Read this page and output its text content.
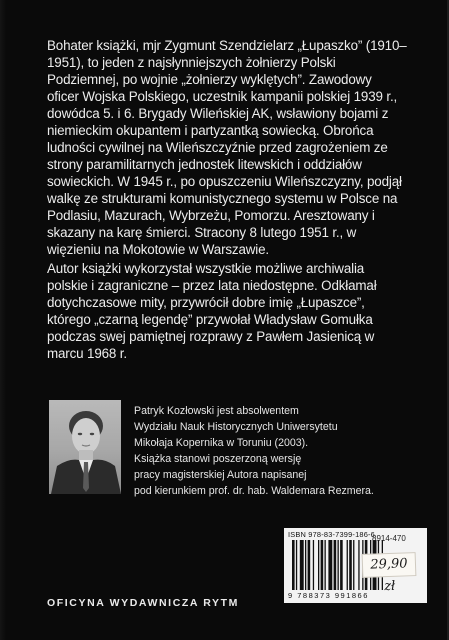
Bohater książki, mjr Zygmunt Szendzielarz „Łupaszko” (1910–1951), to jeden z najsłynniejszych żołnierzy Polski Podziemnej, po wojnie „żołnierzy wyklętych”. Zawodowy oficer Wojska Polskiego, uczestnik kampanii polskiej 1939 r., dowódca 5. i 6. Brygady Wileńskiej AK, wsławiony bojami z niemieckim okupantem i partyzantką sowiecką. Obrońca ludności cywilnej na Wileńszczyźnie przed zagrożeniem ze strony paramilitarnych jednostek litewskich i oddziałów sowieckich. W 1945 r., po opuszczeniu Wileńszczyzny, podjął walkę ze strukturami komunistycznego systemu w Polsce na Podlasiu, Mazurach, Wybrzeżu, Pomorzu. Aresztowany i skazany na karę śmierci. Stracony 8 lutego 1951 r., w więzieniu na Mokotowie w Warszawie.

Autor książki wykorzystał wszystkie możliwe archiwalia polskie i zagraniczne – przez lata niedostępne. Odkłamał dotychczasowe mity, przywrócił dobre imię „Łupaszce”, którego „czarną legendę” przywołał Władysław Gomułka podczas swej pamiętnej rozprawy z Pawłem Jasienicą w marcu 1968 r.

Patryk Kozłowski jest absolwentem

Wydziału Nauk Historycznych Uniwersytetu

Mikołaja Kopernika w Toruniu (2003).

Książka stanowi poszerzoną wersję

pracy magisterskiej Autora napisanej

pod kierunkiem prof. dr. hab. Waldemara Rezmera.

ISBN 978-83-7399-186-6
9 788373 991866
8914-470
29,90 zł
OFICYNA WYDAWNICZA RYTM
